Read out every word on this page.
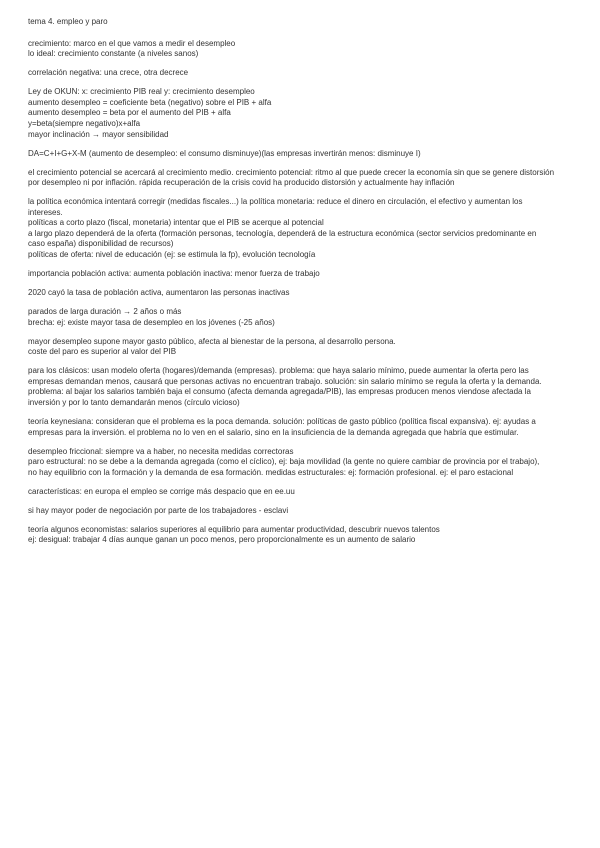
tema 4. empleo y paro
crecimiento: marco en el que vamos a medir el desempleo
lo ideal: crecimiento constante (a niveles sanos)
correlación negativa: una crece, otra decrece
Ley de OKUN: x: crecimiento PIB real y: crecimiento desempleo
aumento desempleo = coeficiente beta (negativo) sobre el PIB + alfa
aumento desempleo = beta por el aumento del PIB + alfa
y=beta(siempre negativo)x+alfa
mayor inclinación → mayor sensibilidad
DA=C+I+G+X-M (aumento de desempleo: el consumo disminuye)(las empresas invertirán menos: disminuye I)
el crecimiento potencial se acercará al crecimiento medio. crecimiento potencial: ritmo al que puede crecer la economía sin que se genere distorsión
por desempleo ni por inflación. rápida recuperación de la crisis covid ha producido distorsión y actualmente hay inflación
la política económica intentará corregir (medidas fiscales...) la política monetaria: reduce el dinero en circulación, el efectivo y aumentan los
intereses.
políticas a corto plazo (fiscal, monetaria) intentar que el PIB se acerque al potencial
a largo plazo dependerá de la oferta (formación personas, tecnología, dependerá de la estructura económica (sector servicios predominante en
caso españa) disponibilidad de recursos)
políticas de oferta: nivel de educación (ej: se estimula la fp), evolución tecnología
importancia población activa: aumenta población inactiva: menor fuerza de trabajo
2020 cayó la tasa de población activa, aumentaron las personas inactivas
parados de larga duración → 2 años o más
brecha: ej: existe mayor tasa de desempleo en los jóvenes (-25 años)
mayor desempleo supone mayor gasto público, afecta al bienestar de la persona, al desarrollo persona.
coste del paro es superior al valor del PIB
para los clásicos: usan modelo oferta (hogares)/demanda (empresas). problema: que haya salario mínimo, puede aumentar la oferta pero las
empresas demandan menos, causará que personas activas no encuentran trabajo. solución: sin salario mínimo se regula la oferta y la demanda.
problema: al bajar los salarios también baja el consumo (afecta demanda agregada/PIB), las empresas producen menos viendose afectada la
inversión y por lo tanto demandarán menos (círculo vicioso)
teoría keynesiana: consideran que el problema es la poca demanda. solución: políticas de gasto público (política fiscal expansiva). ej: ayudas a
empresas para la inversión. el problema no lo ven en el salario, sino en la insuficiencia de la demanda agregada que habría que estimular.
desempleo friccional: siempre va a haber, no necesita medidas correctoras
paro estructural: no se debe a la demanda agregada (como el cíclico), ej: baja movilidad (la gente no quiere cambiar de provincia por el trabajo),
no hay equilibrio con la formación y la demanda de esa formación. medidas estructurales: ej: formación profesional. ej: el paro estacional
características: en europa el empleo se corrige más despacio que en ee.uu
si hay mayor poder de negociación por parte de los trabajadores - esclavi
teoría algunos economistas: salarios superiores al equilibrio para aumentar productividad, descubrir nuevos talentos
ej: desigual: trabajar 4 días aunque ganan un poco menos, pero proporcionalmente es un aumento de salario
